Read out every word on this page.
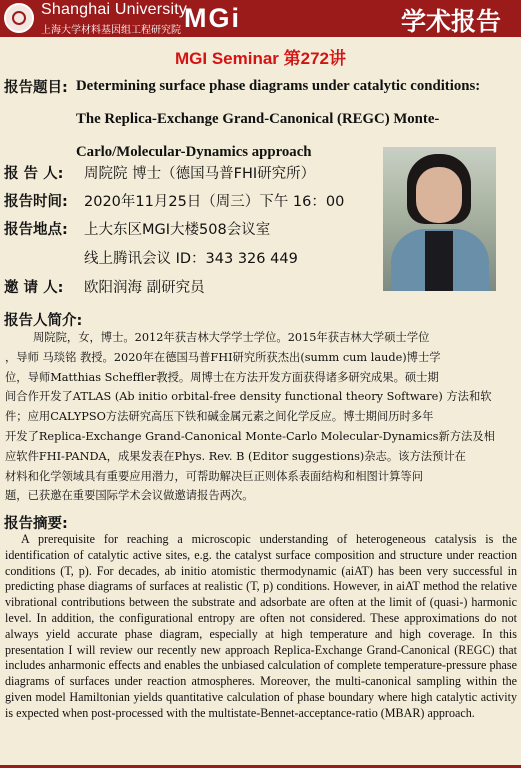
Shanghai University
上海大学材料基因组工程研究院 MGi	学术报告
MGI Seminar 第272讲
报告题目: Determining surface phase diagrams under catalytic conditions:
The Replica-Exchange Grand-Canonical (REGC) Monte-
Carlo/Molecular-Dynamics approach
报 告 人: 周院院 博士（德国马普FHI研究所）
报告时间: 2020年11月25日（周三）下午 16：00
报告地点: 上大东区MGI大楼508会议室
线上腾讯会议 ID：343 326 449
邀 请 人: 欧阳润海 副研究员
报告人简介:
周院院，女，博士。2012年获吉林大学学士学位。2015年获吉林大学硕士学位
，导师 马琰铭 教授。2020年在德国马普FHI研究所获杰出(summ cum laude)博士学
位，导师Matthias Scheffler教授。周博士在方法开发方面获得诸多研究成果。硕士期
间合作开发了ATLAS (Ab initio orbital-free density functional theory Software) 方法和软
件；应用CALYPSO方法研究高压下铁和碱金属元素之间化学反应。博士期间历时多年
开发了Replica-Exchange Grand-Canonical Monte-Carlo Molecular-Dynamics新方法及相
应软件FHI-PANDA，成果发表在Phys. Rev. B (Editor suggestions)杂志。该方法预计在
材料和化学领域具有重要应用潜力，可帮助解决巨正则体系表面结构和相图计算等问
题，已获邀在重要国际学术会议做邀请报告两次。
报告摘要:
A prerequisite for reaching a microscopic understanding of heterogeneous catalysis is the identification of catalytic active sites, e.g. the catalyst surface composition and structure under reaction conditions (T, p). For decades, ab initio atomistic thermodynamic (aiAT) has been very successful in predicting phase diagrams of surfaces at realistic (T, p) conditions. However, in aiAT method the relative vibrational contributions between the substrate and adsorbate are often at the limit of (quasi-) harmonic level. In addition, the configurational entropy are often not considered. These approximations do not always yield accurate phase diagram, especially at high temperature and high coverage. In this presentation I will review our recently new approach Replica-Exchange Grand-Canonical (REGC) that includes anharmonic effects and enables the unbiased calculation of complete temperature-pressure phase diagrams of surfaces under reaction atmospheres. Moreover, the multi-canonical sampling within the given model Hamiltonian yields quantitative calculation of phase boundary where high catalytic activity is expected when post-processed with the multistate-Bennet-acceptance-ratio (MBAR) approach.
